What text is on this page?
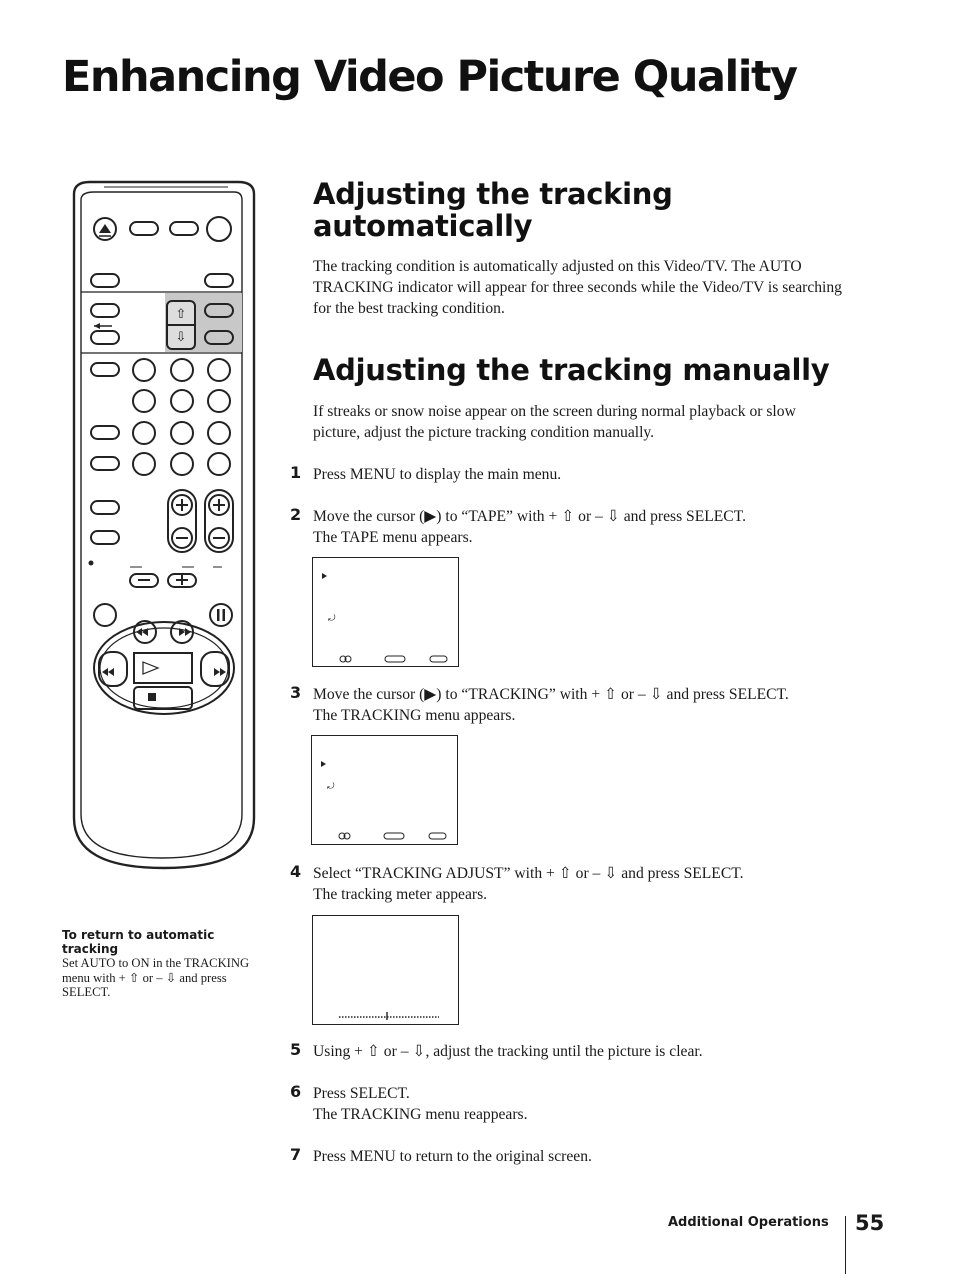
Enhancing Video Picture Quality
⇧
⇩
To return to automatic tracking
Set AUTO to ON in the TRACKING menu with + ⇧ or – ⇩ and press SELECT.
Adjusting the tracking
automatically

The tracking condition is automatically adjusted on this Video/TV. The AUTO TRACKING indicator will appear for three seconds while the Video/TV is searching for the best tracking condition.

Adjusting the tracking manually

If streaks or snow noise appear on the screen during normal playback or slow picture, adjust the picture tracking condition manually.

1 Press MENU to display the main menu.
2 Move the cursor (▶) to “TAPE” with + ⇧ or – ⇩ and press SELECT.
The TAPE menu appears.
⤾
3 Move the cursor (▶) to “TRACKING” with + ⇧ or – ⇩ and press SELECT.
The TRACKING menu appears.
⤾
4 Select “TRACKING ADJUST” with + ⇧ or – ⇩ and press SELECT.
The tracking meter appears.
5 Using + ⇧ or – ⇩, adjust the tracking until the picture is clear.
6 Press SELECT.
The TRACKING menu reappears.
7 Press MENU to return to the original screen.
Additional Operations 55
